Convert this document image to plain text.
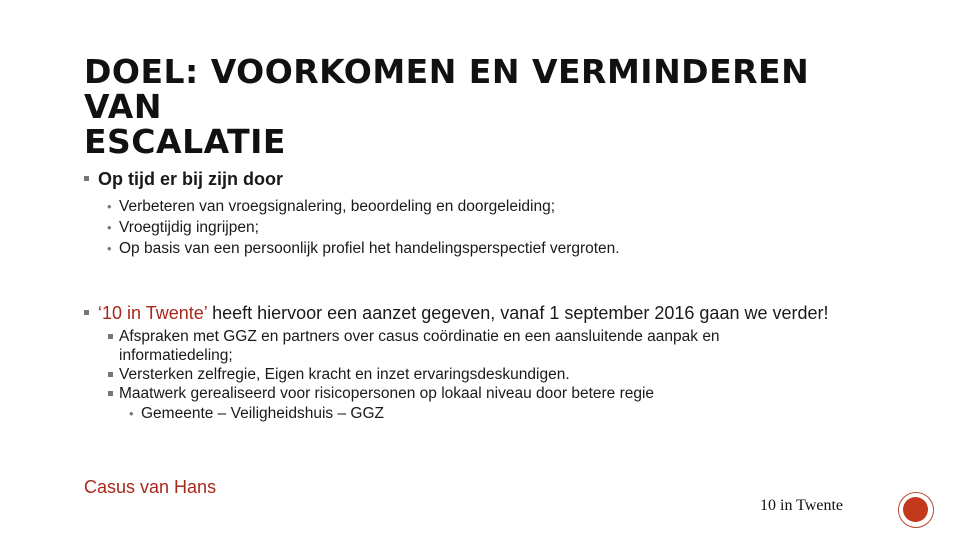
DOEL: VOORKOMEN EN VERMINDEREN VAN
ESCALATIE
Op tijd er bij zijn door
• Verbeteren van vroegsignalering, beoordeling en doorgeleiding;
• Vroegtijdig ingrijpen;
• Op basis van een persoonlijk profiel het handelingsperspectief vergroten.
‘10 in Twente’ heeft hiervoor een aanzet gegeven, vanaf 1 september 2016 gaan we verder!
Afspraken met GGZ en partners over casus coördinatie en een aansluitende aanpak en
informatiedeling;
Versterken zelfregie, Eigen kracht en inzet ervaringsdeskundigen.
Maatwerk gerealiseerd voor risicopersonen op lokaal niveau door betere regie
• Gemeente – Veiligheidshuis – GGZ
Casus van Hans
10 in Twente
